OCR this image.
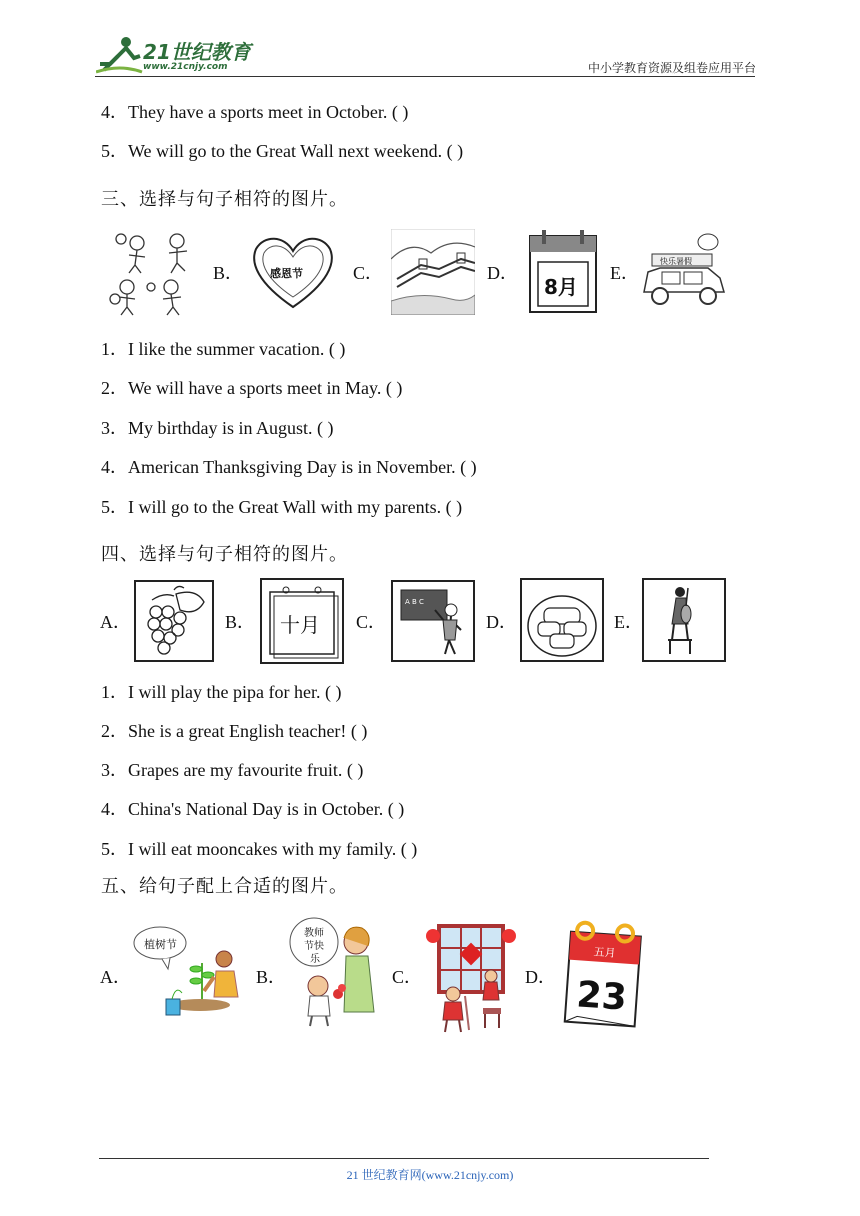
21世纪教育
www.21cnjy.com	中小学教育资源及组卷应用平台
4．They have a sports meet in October. ( )
5．We will go to the Great Wall next weekend. ( )
三、选择与句子相符的图片。
B． 感恩节	C．	D．
8月
E．
快乐暑假
1．I like the summer vacation. ( )
2．We will have a sports meet in May. ( )
3．My birthday is in August. ( )
4．American Thanksgiving Day is in November. ( )
5．I will go to the Great Wall with my parents. ( )
四、选择与句子相符的图片。
A．	B． 十月 C．
A B C
D．	E．
1．I will play the pipa for her. ( )
2．She is a great English teacher! ( )
3．Grapes are my favourite fruit. ( )
4．China's National Day is in October. ( )
5．I will eat mooncakes with my family. ( )
五、给句子配上合适的图片。
A．
植树节
B．
教师
节快
乐
C．	D．
五月
23
21 世纪教育网(www.21cnjy.com)
